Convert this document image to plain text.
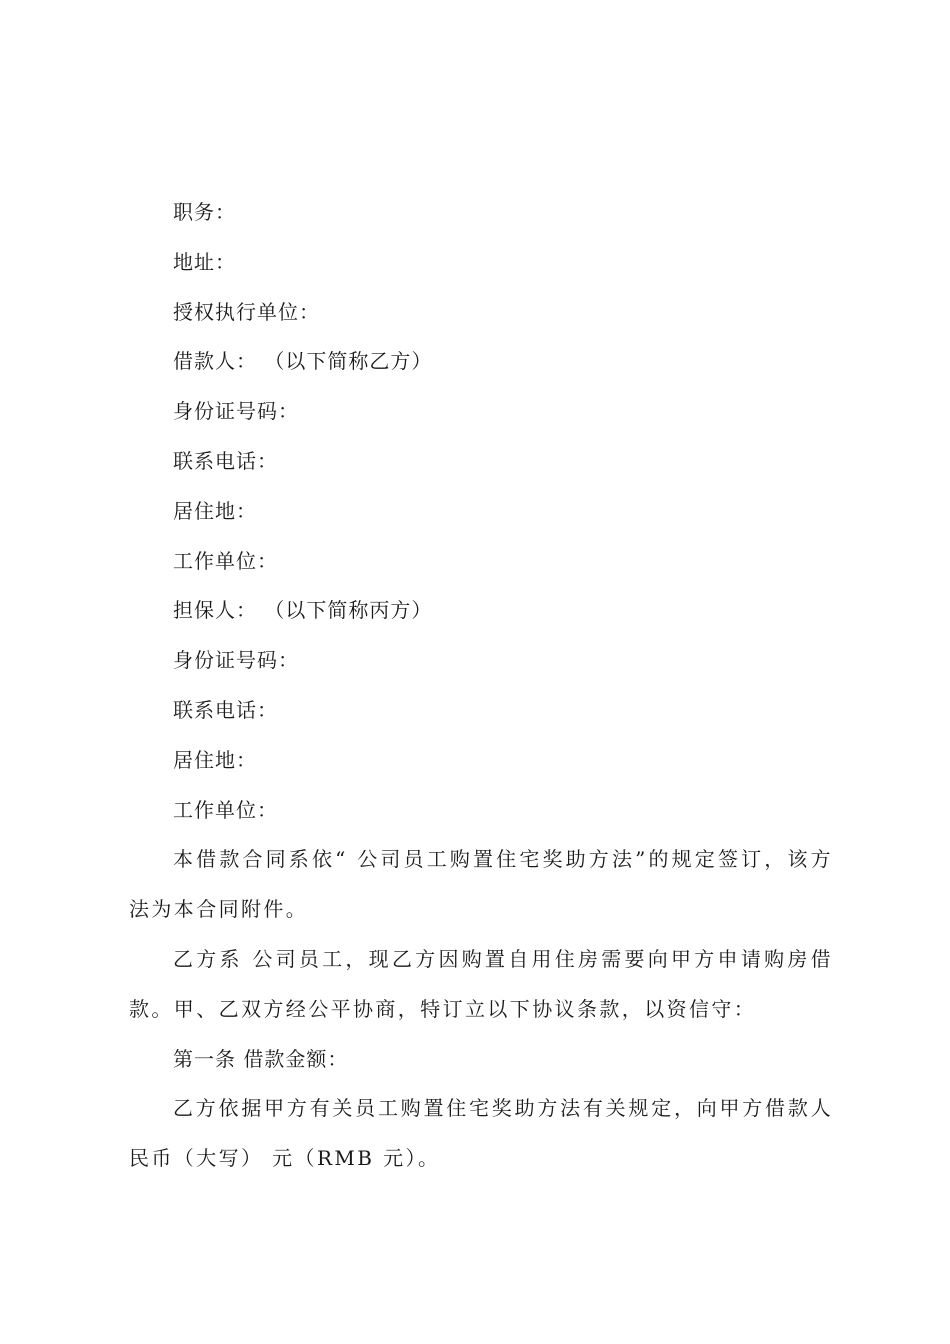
职务：
地址：
授权执行单位：
借款人： （以下简称乙方）
身份证号码：
联系电话：
居住地：
工作单位：
担保人： （以下简称丙方）
身份证号码：
联系电话：
居住地：
工作单位：
本借款合同系依“ 公司员工购置住宅奖助方法”的规定签订，该方法为本合同附件。
乙方系 公司员工，现乙方因购置自用住房需要向甲方申请购房借款。甲、乙双方经公平协商，特订立以下协议条款，以资信守：
第一条 借款金额：
乙方依据甲方有关员工购置住宅奖助方法有关规定，向甲方借款人民币（大写） 元（RMB 元）。
